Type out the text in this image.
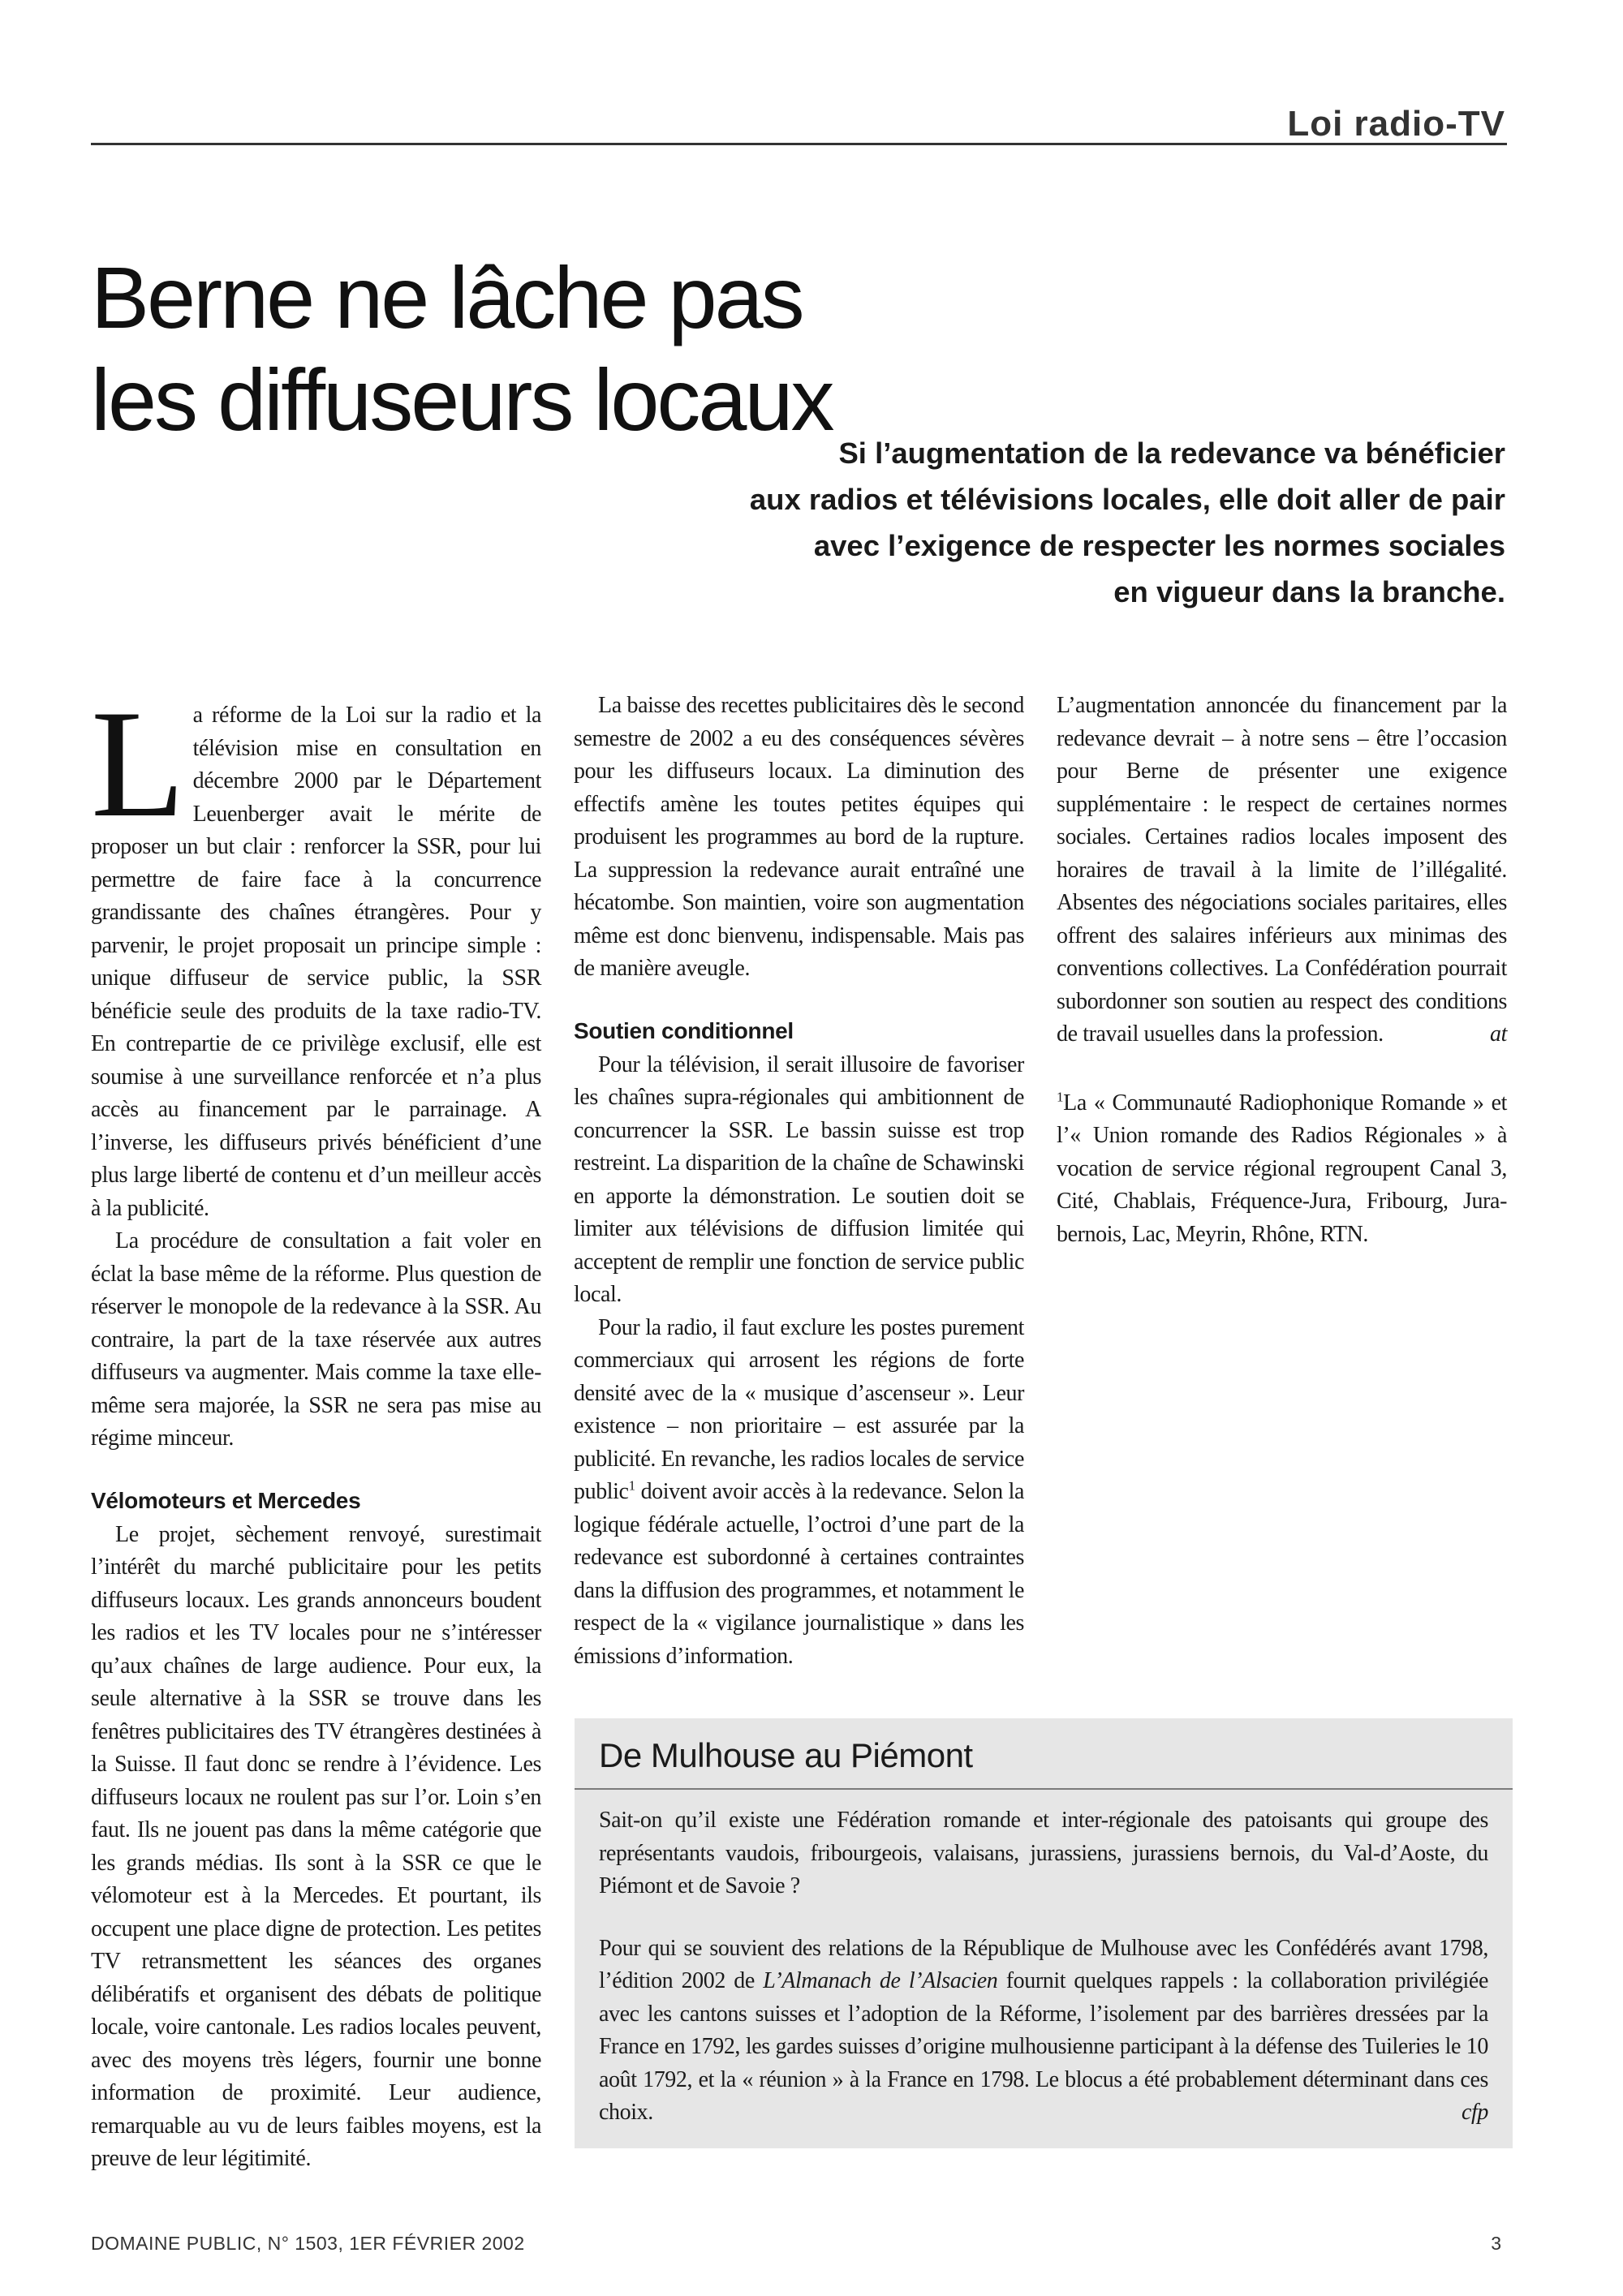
Loi radio-TV
Berne ne lâche pas
les diffuseurs locaux
Si l’augmentation de la redevance va bénéficier
aux radios et télévisions locales, elle doit aller de pair
avec l’exigence de respecter les normes sociales
en vigueur dans la branche.

La réforme de la Loi sur la radio et la télévision mise en consultation en décembre 2000 par le Département Leuenberger avait le mérite de proposer un but clair : renforcer la SSR, pour lui permettre de faire face à la concurrence grandissante des chaînes étrangères. Pour y parvenir, le projet proposait un principe simple : unique diffuseur de service public, la SSR bénéficie seule des produits de la taxe radio-TV. En contrepartie de ce privilège exclusif, elle est soumise à une surveillance renforcée et n’a plus accès au financement par le parrainage. A l’inverse, les diffuseurs privés bénéficient d’une plus large liberté de contenu et d’un meilleur accès à la publicité.

La procédure de consultation a fait voler en éclat la base même de la réforme. Plus question de réserver le monopole de la redevance à la SSR. Au contraire, la part de la taxe réservée aux autres diffuseurs va augmenter. Mais comme la taxe elle-même sera majorée, la SSR ne sera pas mise au régime minceur.

Vélomoteurs et Mercedes

Le projet, sèchement renvoyé, surestimait l’intérêt du marché publicitaire pour les petits diffuseurs locaux. Les grands annonceurs boudent les radios et les TV locales pour ne s’intéresser qu’aux chaînes de large audience. Pour eux, la seule alternative à la SSR se trouve dans les fenêtres publicitaires des TV étrangères destinées à la Suisse. Il faut donc se rendre à l’évidence. Les diffuseurs locaux ne roulent pas sur l’or. Loin s’en faut. Ils ne jouent pas dans la même catégorie que les grands médias. Ils sont à la SSR ce que le vélomoteur est à la Mercedes. Et pourtant, ils occupent une place digne de protection. Les petites TV retransmettent les séances des organes délibératifs et organisent des débats de politique locale, voire cantonale. Les radios locales peuvent, avec des moyens très légers, fournir une bonne information de proximité. Leur audience, remarquable au vu de leurs faibles moyens, est la preuve de leur légitimité.

La baisse des recettes publicitaires dès le second semestre de 2002 a eu des conséquences sévères pour les diffuseurs locaux. La diminution des effectifs amène les toutes petites équipes qui produisent les programmes au bord de la rupture. La suppression la redevance aurait entraîné une hécatombe. Son maintien, voire son augmentation même est donc bienvenu, indispensable. Mais pas de manière aveugle.

Soutien conditionnel

Pour la télévision, il serait illusoire de favoriser les chaînes supra-régionales qui ambitionnent de concurrencer la SSR. Le bassin suisse est trop restreint. La disparition de la chaîne de Schawinski en apporte la démonstration. Le soutien doit se limiter aux télévisions de diffusion limitée qui acceptent de remplir une fonction de service public local.

Pour la radio, il faut exclure les postes purement commerciaux qui arrosent les régions de forte densité avec de la « musique d’ascenseur ». Leur existence – non prioritaire – est assurée par la publicité. En revanche, les radios locales de service public$^1$ doivent avoir accès à la redevance. Selon la logique fédérale actuelle, l’octroi d’une part de la redevance est subordonné à certaines contraintes dans la diffusion des programmes, et notamment le respect de la « vigilance journalistique » dans les émissions d’information.

L’augmentation annoncée du financement par la redevance devrait – à notre sens – être l’occasion pour Berne de présenter une exigence supplémentaire : le respect de certaines normes sociales. Certaines radios locales imposent des horaires de travail à la limite de l’illégalité. Absentes des négociations sociales paritaires, elles offrent des salaires inférieurs aux minimas des conventions collectives. La Confédération pourrait subordonner son soutien au respect des conditions de travail usuelles dans la profession.	at

$^1$La « Communauté Radiophonique Romande » et l’« Union romande des Radios Régionales » à vocation de service régional regroupent Canal 3, Cité, Chablais, Fréquence-Jura, Fribourg, Jura-bernois, Lac, Meyrin, Rhône, RTN.

De Mulhouse au Piémont

Sait-on qu’il existe une Fédération romande et inter-régionale des patoisants qui groupe des représentants vaudois, fribourgeois, valaisans, jurassiens, jurassiens bernois, du Val-d’Aoste, du Piémont et de Savoie ?

Pour qui se souvient des relations de la République de Mulhouse avec les Confédérés avant 1798, l’édition 2002 de L’Almanach de l’Alsacien fournit quelques rappels : la collaboration privilégiée avec les cantons suisses et l’adoption de la Réforme, l’isolement par des barrières dressées par la France en 1792, les gardes suisses d’origine mulhousienne participant à la défense des Tuileries le 10 août 1792, et la « réunion » à la France en 1798. Le blocus a été probablement déterminant dans ces choix.	cfp

DOMAINE PUBLIC, N° 1503, 1ER FÉVRIER 2002	3
